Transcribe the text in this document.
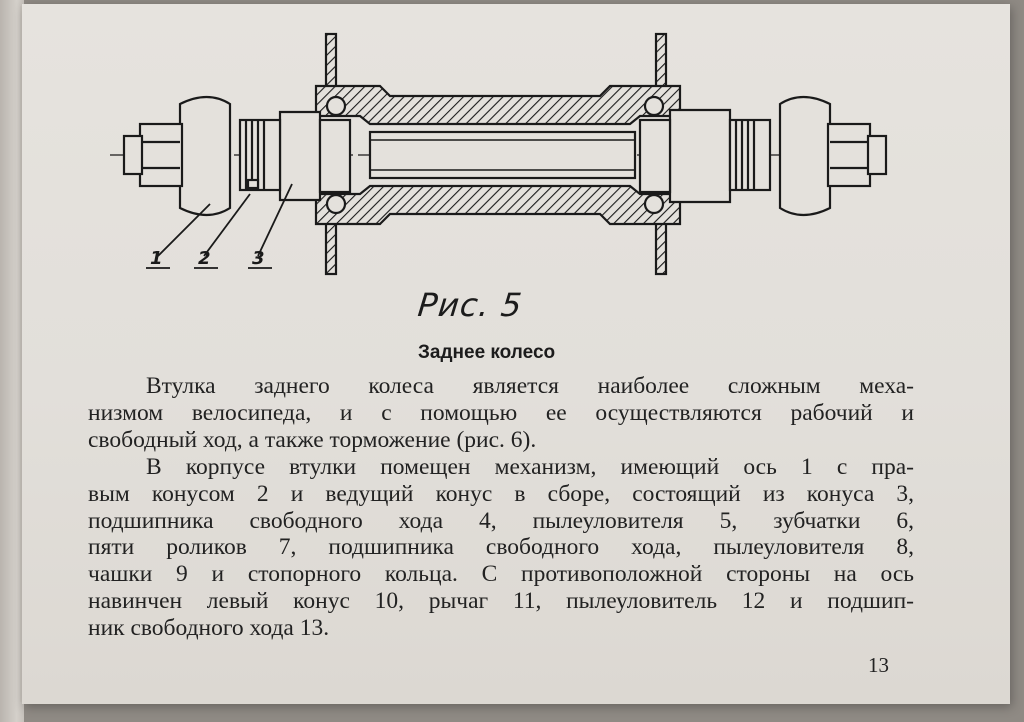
1 2 3
Рис. 5
Заднее колесо

Втулка заднего колеса является наиболее сложным меха-
низмом велосипеда, и с помощью ее осуществляются рабочий и
свободный ход, а также торможение (рис. 6).

В корпусе втулки помещен механизм, имеющий ось 1 с пра-
вым конусом 2 и ведущий конус в сборе, состоящий из конуса 3,
подшипника свободного хода 4, пылеуловителя 5, зубчатки 6,
пяти роликов 7, подшипника свободного хода, пылеуловителя 8,
чашки 9 и стопорного кольца. С противоположной стороны на ось
навинчен левый конус 10, рычаг 11, пылеуловитель 12 и подшип-
ник свободного хода 13.

13
